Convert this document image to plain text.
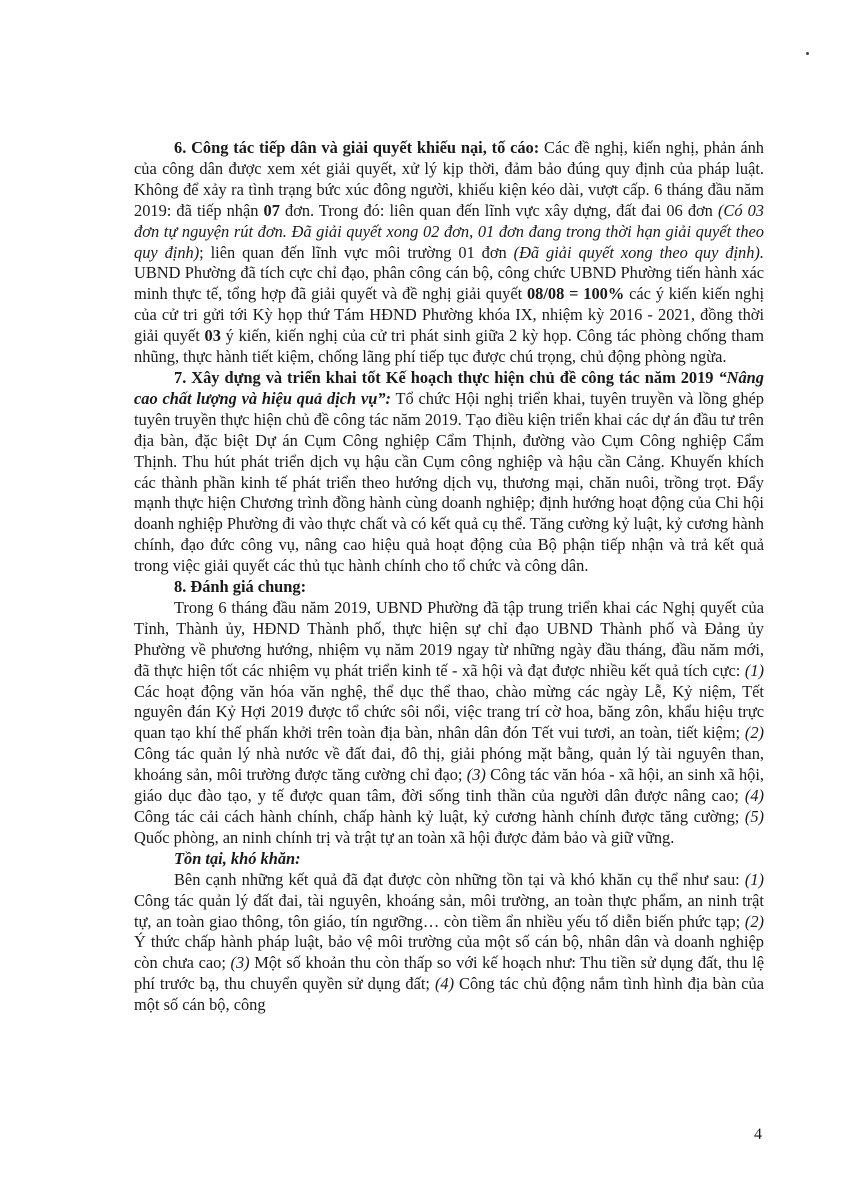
6. Công tác tiếp dân và giải quyết khiếu nại, tố cáo: Các đề nghị, kiến nghị, phản ánh của công dân được xem xét giải quyết, xử lý kịp thời, đảm bảo đúng quy định của pháp luật. Không để xảy ra tình trạng bức xúc đông người, khiếu kiện kéo dài, vượt cấp. 6 tháng đầu năm 2019: đã tiếp nhận 07 đơn. Trong đó: liên quan đến lĩnh vực xây dựng, đất đai 06 đơn (Có 03 đơn tự nguyện rút đơn. Đã giải quyết xong 02 đơn, 01 đơn đang trong thời hạn giải quyết theo quy định); liên quan đến lĩnh vực môi trường 01 đơn (Đã giải quyết xong theo quy định). UBND Phường đã tích cực chỉ đạo, phân công cán bộ, công chức UBND Phường tiến hành xác minh thực tế, tổng hợp đã giải quyết và đề nghị giải quyết 08/08 = 100% các ý kiến kiến nghị của cử tri gửi tới Kỳ họp thứ Tám HĐND Phường khóa IX, nhiệm kỳ 2016 - 2021, đồng thời giải quyết 03 ý kiến, kiến nghị của cử tri phát sinh giữa 2 kỳ họp. Công tác phòng chống tham nhũng, thực hành tiết kiệm, chống lãng phí tiếp tục được chú trọng, chủ động phòng ngừa.

7. Xây dựng và triển khai tốt Kế hoạch thực hiện chủ đề công tác năm 2019 “Nâng cao chất lượng và hiệu quả dịch vụ”: Tổ chức Hội nghị triển khai, tuyên truyền và lồng ghép tuyên truyền thực hiện chủ đề công tác năm 2019. Tạo điều kiện triển khai các dự án đầu tư trên địa bàn, đặc biệt Dự án Cụm Công nghiệp Cẩm Thịnh, đường vào Cụm Công nghiệp Cẩm Thịnh. Thu hút phát triển dịch vụ hậu cần Cụm công nghiệp và hậu cần Cảng. Khuyến khích các thành phần kinh tế phát triển theo hướng dịch vụ, thương mại, chăn nuôi, trồng trọt. Đẩy mạnh thực hiện Chương trình đồng hành cùng doanh nghiệp; định hướng hoạt động của Chi hội doanh nghiệp Phường đi vào thực chất và có kết quả cụ thể. Tăng cường kỷ luật, kỷ cương hành chính, đạo đức công vụ, nâng cao hiệu quả hoạt động của Bộ phận tiếp nhận và trả kết quả trong việc giải quyết các thủ tục hành chính cho tổ chức và công dân.

8. Đánh giá chung:

Trong 6 tháng đầu năm 2019, UBND Phường đã tập trung triển khai các Nghị quyết của Tỉnh, Thành ủy, HĐND Thành phố, thực hiện sự chỉ đạo UBND Thành phố và Đảng ủy Phường về phương hướng, nhiệm vụ năm 2019 ngay từ những ngày đầu tháng, đầu năm mới, đã thực hiện tốt các nhiệm vụ phát triển kinh tế - xã hội và đạt được nhiều kết quả tích cực: (1) Các hoạt động văn hóa văn nghệ, thể dục thể thao, chào mừng các ngày Lễ, Kỷ niệm, Tết nguyên đán Kỷ Hợi 2019 được tổ chức sôi nổi, việc trang trí cờ hoa, băng zôn, khẩu hiệu trực quan tạo khí thế phấn khởi trên toàn địa bàn, nhân dân đón Tết vui tươi, an toàn, tiết kiệm; (2) Công tác quản lý nhà nước về đất đai, đô thị, giải phóng mặt bằng, quản lý tài nguyên than, khoáng sản, môi trường được tăng cường chỉ đạo; (3) Công tác văn hóa - xã hội, an sinh xã hội, giáo dục đào tạo, y tế được quan tâm, đời sống tinh thần của người dân được nâng cao; (4) Công tác cải cách hành chính, chấp hành kỷ luật, kỷ cương hành chính được tăng cường; (5) Quốc phòng, an ninh chính trị và trật tự an toàn xã hội được đảm bảo và giữ vững.

Tồn tại, khó khăn:

Bên cạnh những kết quả đã đạt được còn những tồn tại và khó khăn cụ thể như sau: (1) Công tác quản lý đất đai, tài nguyên, khoáng sản, môi trường, an toàn thực phẩm, an ninh trật tự, an toàn giao thông, tôn giáo, tín ngưỡng… còn tiềm ẩn nhiều yếu tố diễn biến phức tạp; (2) Ý thức chấp hành pháp luật, bảo vệ môi trường của một số cán bộ, nhân dân và doanh nghiệp còn chưa cao; (3) Một số khoản thu còn thấp so với kế hoạch như: Thu tiền sử dụng đất, thu lệ phí trước bạ, thu chuyển quyền sử dụng đất; (4) Công tác chủ động nắm tình hình địa bàn của một số cán bộ, công

4
